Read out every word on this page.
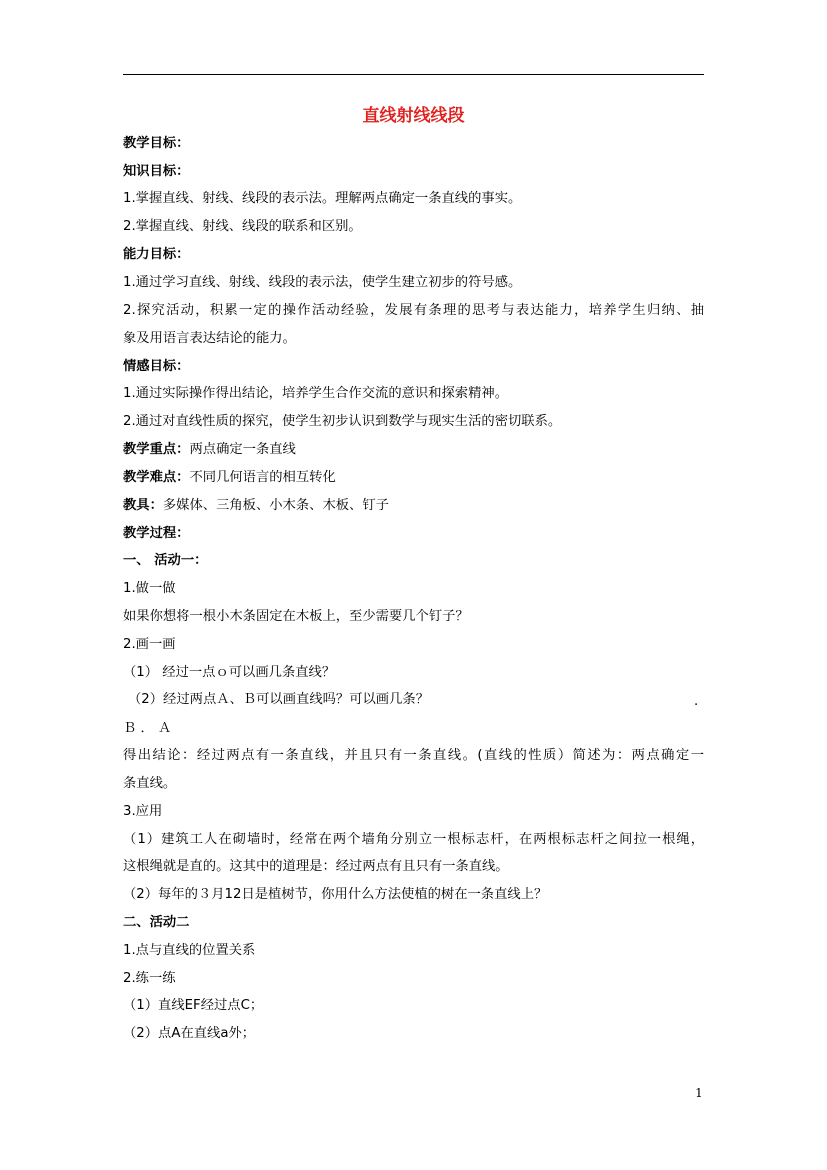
直线射线线段
教学目标：
知识目标：
1.掌握直线、射线、线段的表示法。理解两点确定一条直线的事实。
2.掌握直线、射线、线段的联系和区别。
能力目标：
1.通过学习直线、射线、线段的表示法，使学生建立初步的符号感。
2.探究活动，积累一定的操作活动经验，发展有条理的思考与表达能力，培养学生归纳、抽
象及用语言表达结论的能力。
情感目标：
1.通过实际操作得出结论，培养学生合作交流的意识和探索精神。
2.通过对直线性质的探究，使学生初步认识到数学与现实生活的密切联系。
教学重点：两点确定一条直线
教学难点：不同几何语言的相互转化
教具：多媒体、三角板、小木条、木板、钉子
教学过程：
一、 活动一：
1.做一做
如果你想将一根小木条固定在木板上，至少需要几个钉子？
2.画一画
（1） 经过一点ｏ可以画几条直线？
（2）经过两点Ａ、Ｂ可以画直线吗？可以画几条？	.
Ｂ ． Ａ
得出结论：经过两点有一条直线，并且只有一条直线。(直线的性质）简述为：两点确定一
条直线。
3.应用
（1）建筑工人在砌墙时，经常在两个墙角分别立一根标志杆，在两根标志杆之间拉一根绳，
这根绳就是直的。这其中的道理是：经过两点有且只有一条直线。
（2）每年的３月12日是植树节，你用什么方法使植的树在一条直线上？
二、活动二
1.点与直线的位置关系
2.练一练
（1）直线EF经过点C；
（2）点A在直线a外；
1
